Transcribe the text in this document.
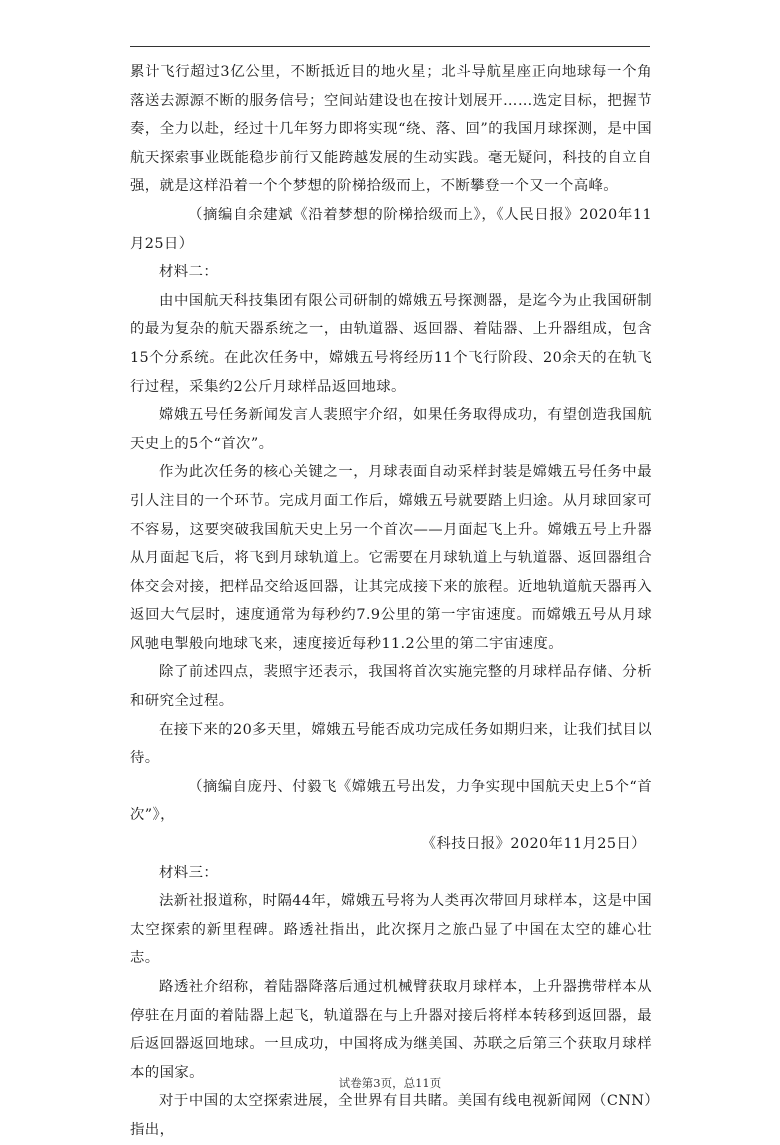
累计飞行超过3亿公里，不断抵近目的地火星；北斗导航星座正向地球每一个角落送去源源不断的服务信号；空间站建设也在按计划展开……选定目标，把握节奏，全力以赴，经过十几年努力即将实现“绕、落、回”的我国月球探测，是中国航天探索事业既能稳步前行又能跨越发展的生动实践。毫无疑问，科技的自立自强，就是这样沿着一个个梦想的阶梯拾级而上，不断攀登一个又一个高峰。

（摘编自余建斌《沿着梦想的阶梯拾级而上》，《人民日报》2020年11月25日）

材料二：

由中国航天科技集团有限公司研制的嫦娥五号探测器，是迄今为止我国研制的最为复杂的航天器系统之一，由轨道器、返回器、着陆器、上升器组成，包含15个分系统。在此次任务中，嫦娥五号将经历11个飞行阶段、20余天的在轨飞行过程，采集约2公斤月球样品返回地球。

嫦娥五号任务新闻发言人裴照宇介绍，如果任务取得成功，有望创造我国航天史上的5个“首次”。

作为此次任务的核心关键之一，月球表面自动采样封装是嫦娥五号任务中最引人注目的一个环节。完成月面工作后，嫦娥五号就要踏上归途。从月球回家可不容易，这要突破我国航天史上另一个首次——月面起飞上升。嫦娥五号上升器从月面起飞后，将飞到月球轨道上。它需要在月球轨道上与轨道器、返回器组合体交会对接，把样品交给返回器，让其完成接下来的旅程。近地轨道航天器再入返回大气层时，速度通常为每秒约7.9公里的第一宇宙速度。而嫦娥五号从月球风驰电掣般向地球飞来，速度接近每秒11.2公里的第二宇宙速度。

除了前述四点，裴照宇还表示，我国将首次实施完整的月球样品存储、分析和研究全过程。

在接下来的20多天里，嫦娥五号能否成功完成任务如期归来，让我们拭目以待。

（摘编自庞丹、付毅飞《嫦娥五号出发，力争实现中国航天史上5个“首次”》，

《科技日报》2020年11月25日）

材料三：

法新社报道称，时隔44年，嫦娥五号将为人类再次带回月球样本，这是中国太空探索的新里程碑。路透社指出，此次探月之旅凸显了中国在太空的雄心壮志。

路透社介绍称，着陆器降落后通过机械臂获取月球样本，上升器携带样本从停驻在月面的着陆器上起飞，轨道器在与上升器对接后将样本转移到返回器，最后返回器返回地球。一旦成功，中国将成为继美国、苏联之后第三个获取月球样本的国家。

对于中国的太空探索进展，全世界有目共睹。美国有线电视新闻网（CNN）指出，

试卷第3页，总11页
